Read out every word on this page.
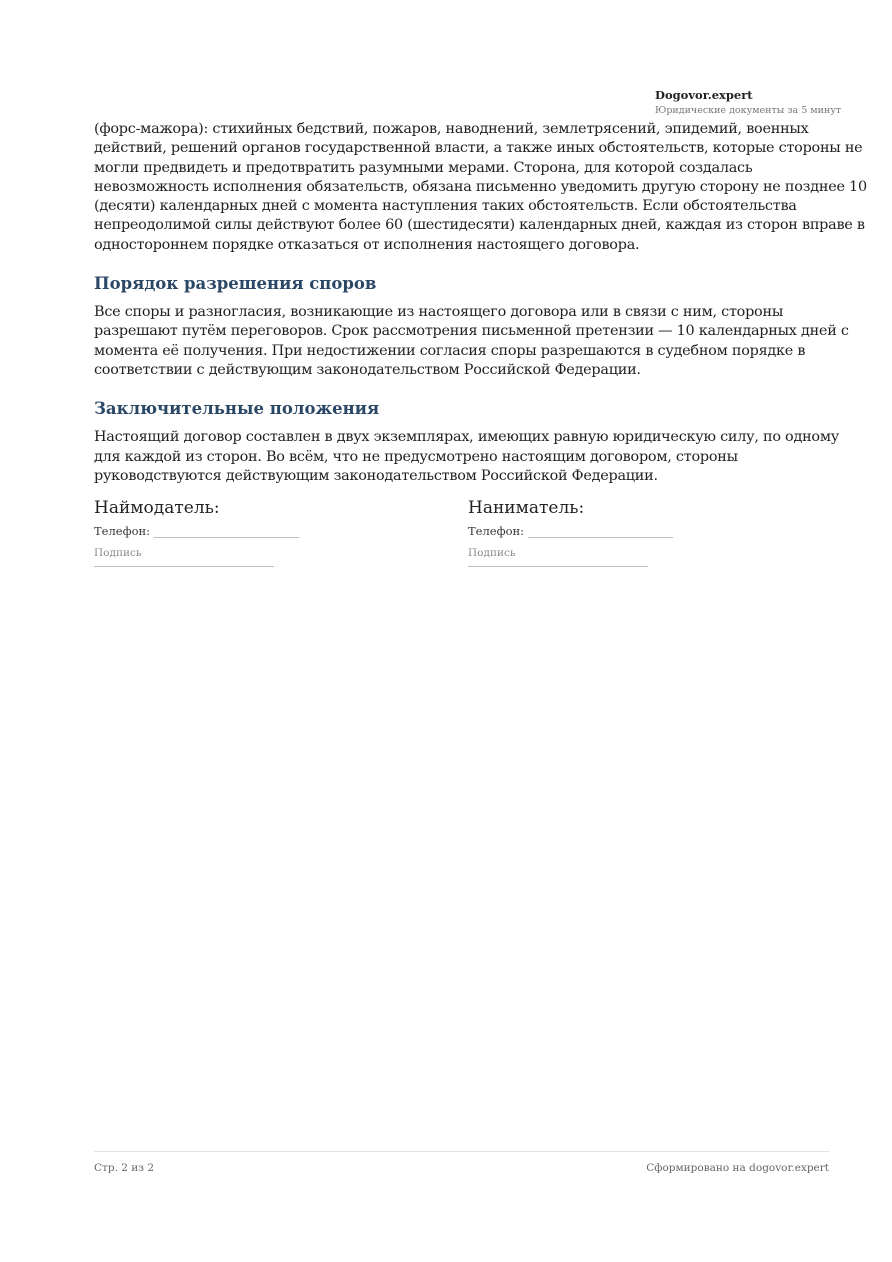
Dogovor.expert
Юридические документы за 5 минут

(форс-мажора): стихийных бедствий, пожаров, наводнений, землетрясений, эпидемий, военных действий, решений органов государственной власти, а также иных обстоятельств, которые стороны не могли предвидеть и предотвратить разумными мерами. Сторона, для которой создалась невозможность исполнения обязательств, обязана письменно уведомить другую сторону не позднее 10 (десяти) календарных дней с момента наступления таких обстоятельств. Если обстоятельства непреодолимой силы действуют более 60 (шестидесяти) календарных дней, каждая из сторон вправе в одностороннем порядке отказаться от исполнения настоящего договора.

Порядок разрешения споров

Все споры и разногласия, возникающие из настоящего договора или в связи с ним, стороны разрешают путём переговоров. Срок рассмотрения письменной претензии — 10 календарных дней с момента её получения. При недостижении согласия споры разрешаются в судебном порядке в соответствии с действующим законодательством Российской Федерации.

Заключительные положения

Настоящий договор составлен в двух экземплярах, имеющих равную юридическую силу, по одному для каждой из сторон. Во всём, что не предусмотрено настоящим договором, стороны руководствуются действующим законодательством Российской Федерации.

Наймодатель:
Телефон:
Подпись
Наниматель:
Телефон:
Подпись
Стр. 2 из 2	Сформировано на dogovor.expert
